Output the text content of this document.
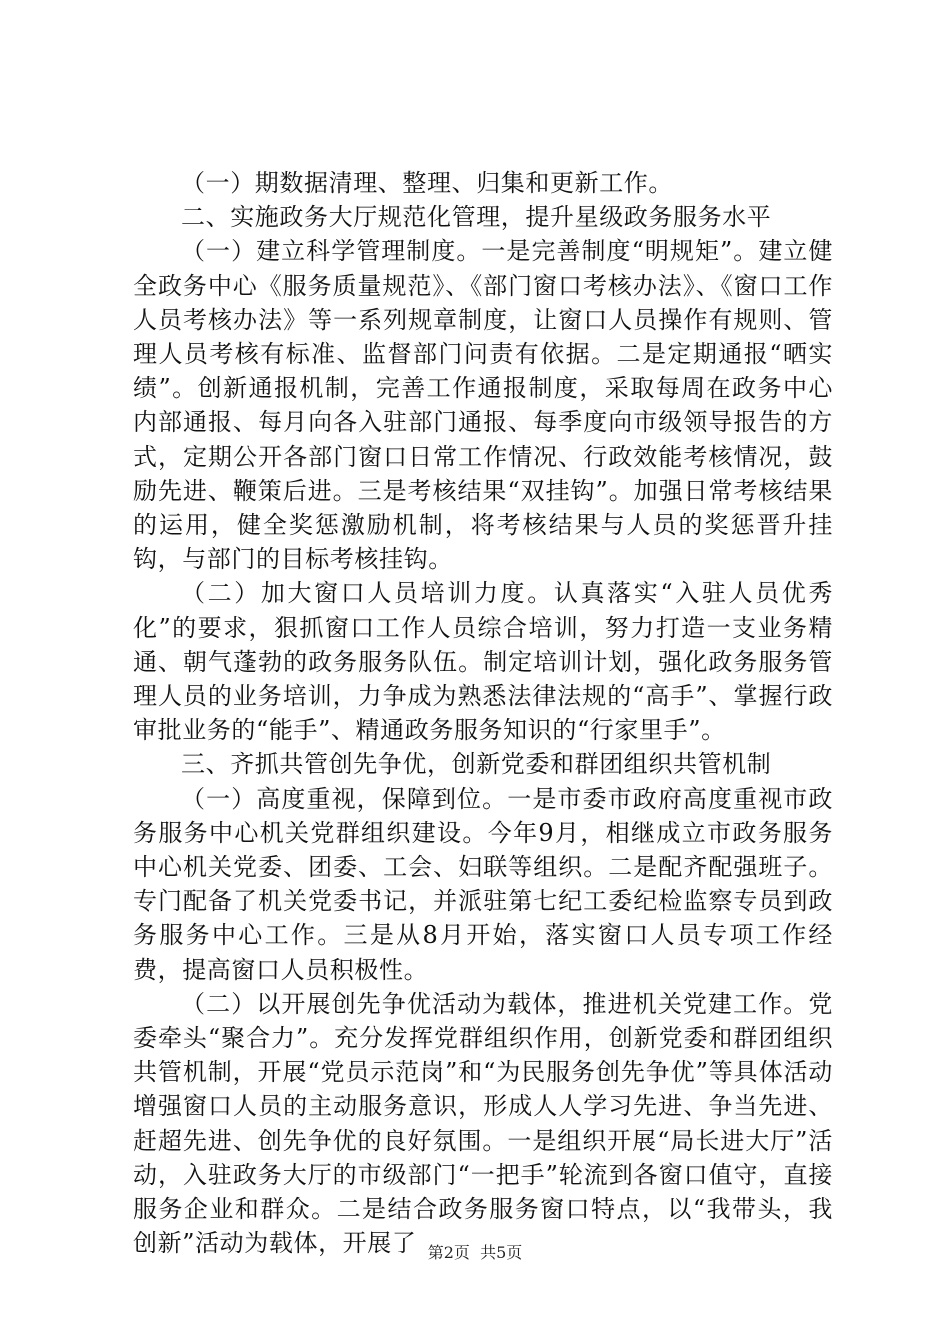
（一）期数据清理、整理、归集和更新工作。

二、实施政务大厅规范化管理，提升星级政务服务水平

（一）建立科学管理制度。一是完善制度“明规矩”。建立健全政务中心《服务质量规范》、《部门窗口考核办法》、《窗口工作人员考核办法》等一系列规章制度，让窗口人员操作有规则、管理人员考核有标准、监督部门问责有依据。二是定期通报“晒实绩”。创新通报机制，完善工作通报制度，采取每周在政务中心内部通报、每月向各入驻部门通报、每季度向市级领导报告的方式，定期公开各部门窗口日常工作情况、行政效能考核情况，鼓励先进、鞭策后进。三是考核结果“双挂钩”。加强日常考核结果的运用，健全奖惩激励机制，将考核结果与人员的奖惩晋升挂钩，与部门的目标考核挂钩。

（二）加大窗口人员培训力度。认真落实“入驻人员优秀化”的要求，狠抓窗口工作人员综合培训，努力打造一支业务精通、朝气蓬勃的政务服务队伍。制定培训计划，强化政务服务管理人员的业务培训，力争成为熟悉法律法规的“高手”、掌握行政审批业务的“能手”、精通政务服务知识的“行家里手”。

三、齐抓共管创先争优，创新党委和群团组织共管机制

（一）高度重视，保障到位。一是市委市政府高度重视市政务服务中心机关党群组织建设。今年9月，相继成立市政务服务中心机关党委、团委、工会、妇联等组织。二是配齐配强班子。专门配备了机关党委书记，并派驻第七纪工委纪检监察专员到政务服务中心工作。三是从8月开始，落实窗口人员专项工作经费，提高窗口人员积极性。

（二）以开展创先争优活动为载体，推进机关党建工作。党委牵头“聚合力”。充分发挥党群组织作用，创新党委和群团组织共管机制，开展“党员示范岗”和“为民服务创先争优”等具体活动增强窗口人员的主动服务意识，形成人人学习先进、争当先进、赶超先进、创先争优的良好氛围。一是组织开展“局长进大厅”活动，入驻政务大厅的市级部门“一把手”轮流到各窗口值守，直接服务企业和群众。二是结合政务服务窗口特点，以“我带头，我创新”活动为载体，开展了 第2页  共5页
